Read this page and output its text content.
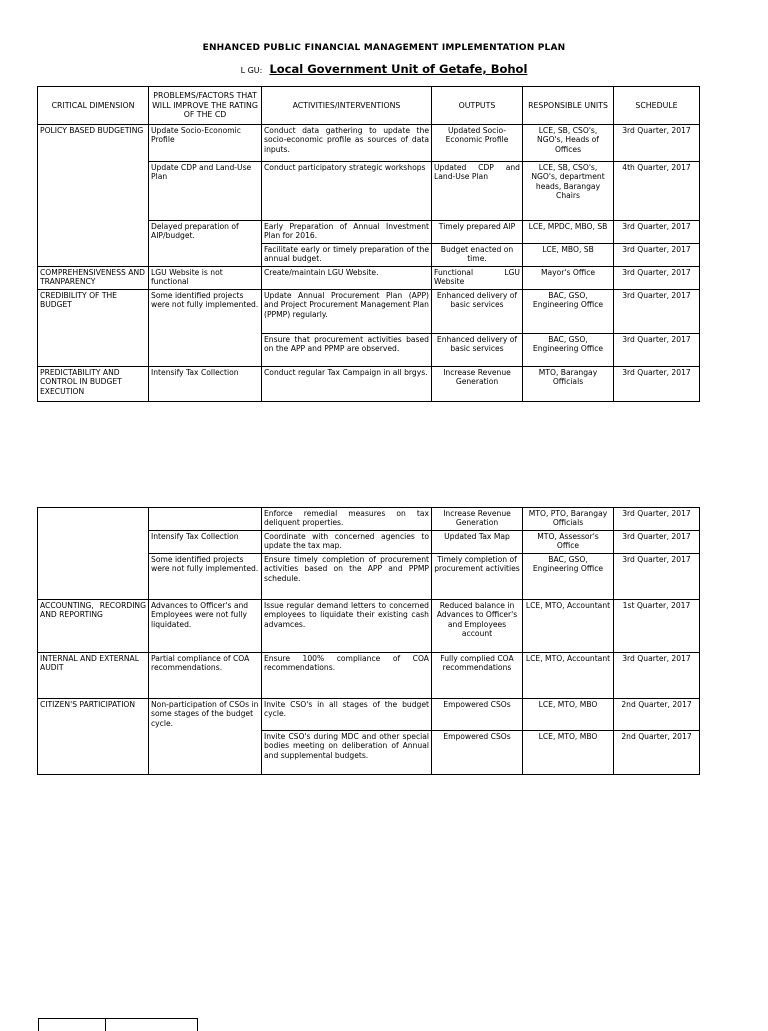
ENHANCED PUBLIC FINANCIAL MANAGEMENT IMPLEMENTATION PLAN
L GU: Local Government Unit of Getafe, Bohol
CRITICAL DIMENSION	PROBLEMS/FACTORS THAT WILL IMPROVE THE RATING OF THE CD	ACTIVITIES/INTERVENTIONS	OUTPUTS	RESPONSIBLE UNITS	SCHEDULE
POLICY BASED BUDGETING	Update Socio-Economic Profile	Conduct data gathering to update the socio-economic profile as sources of data inputs.	Updated Socio-Economic Profile	LCE, SB, CSO's, NGO's, Heads of Offices	3rd Quarter, 2017
	Update CDP and Land-Use Plan	Conduct participatory strategic workshops	Updated CDP and Land-Use Plan	LCE, SB, CSO's, NGO's, department heads, Barangay Chairs	4th Quarter, 2017
	Delayed preparation of AIP/budget.	Early Preparation of Annual Investment Plan for 2016.	Timely prepared AIP	LCE, MPDC, MBO, SB	3rd Quarter, 2017
		Facilitate early or timely preparation of the annual budget.	Budget enacted on time.	LCE, MBO, SB	3rd Quarter, 2017
COMPREHENSIVENESS AND TRANPARENCY	LGU Website is not functional	Create/maintain LGU Website.	Functional LGU Website	Mayor's Office	3rd Quarter, 2017
CREDIBILITY OF THE BUDGET	Some identified projects were not fully implemented.	Update Annual Procurement Plan (APP) and Project Procurement Management Plan (PPMP) regularly.	Enhanced delivery of basic services	BAC, GSO, Engineering Office	3rd Quarter, 2017
		Ensure that procurement activities based on the APP and PPMP are observed.	Enhanced delivery of basic services	BAC, GSO, Engineering Office	3rd Quarter, 2017
PREDICTABILITY AND CONTROL IN BUDGET EXECUTION	Intensify Tax Collection	Conduct regular Tax Campaign in all brgys.	Increase Revenue Generation	MTO, Barangay Officials	3rd Quarter, 2017
		Enforce remedial measures on tax deliquent properties.	Increase Revenue Generation	MTO, PTO, Barangay Officials	3rd Quarter, 2017
	Intensify Tax Collection	Coordinate with concerned agencies to update the tax map.	Updated Tax Map	MTO, Assessor's Office	3rd Quarter, 2017
	Some identified projects were not fully implemented.	Ensure timely completion of procurement activities based on the APP and PPMP schedule.	Timely completion of procurement activities	BAC, GSO, Engineering Office	3rd Quarter, 2017
ACCOUNTING, RECORDING AND REPORTING	Advances to Officer's and Employees were not fully liquidated.	Issue regular demand letters to concerned employees to liquidate their existing cash advamces.	Reduced balance in Advances to Officer's and Employees account	LCE, MTO, Accountant	1st Quarter, 2017
INTERNAL AND EXTERNAL AUDIT	Partial compliance of COA recommendations.	Ensure 100% compliance of COA recommendations.	Fully complied COA recommendations	LCE, MTO, Accountant	3rd Quarter, 2017
CITIZEN'S PARTICIPATION	Non-participation of CSOs in some stages of the budget cycle.	Invite CSO's in all stages of the budget cycle.	Empowered CSOs	LCE, MTO, MBO	2nd Quarter, 2017
		Invite CSO's during MDC and other special bodies meeting on deliberation of Annual and supplemental budgets.	Empowered CSOs	LCE, MTO, MBO	2nd Quarter, 2017
